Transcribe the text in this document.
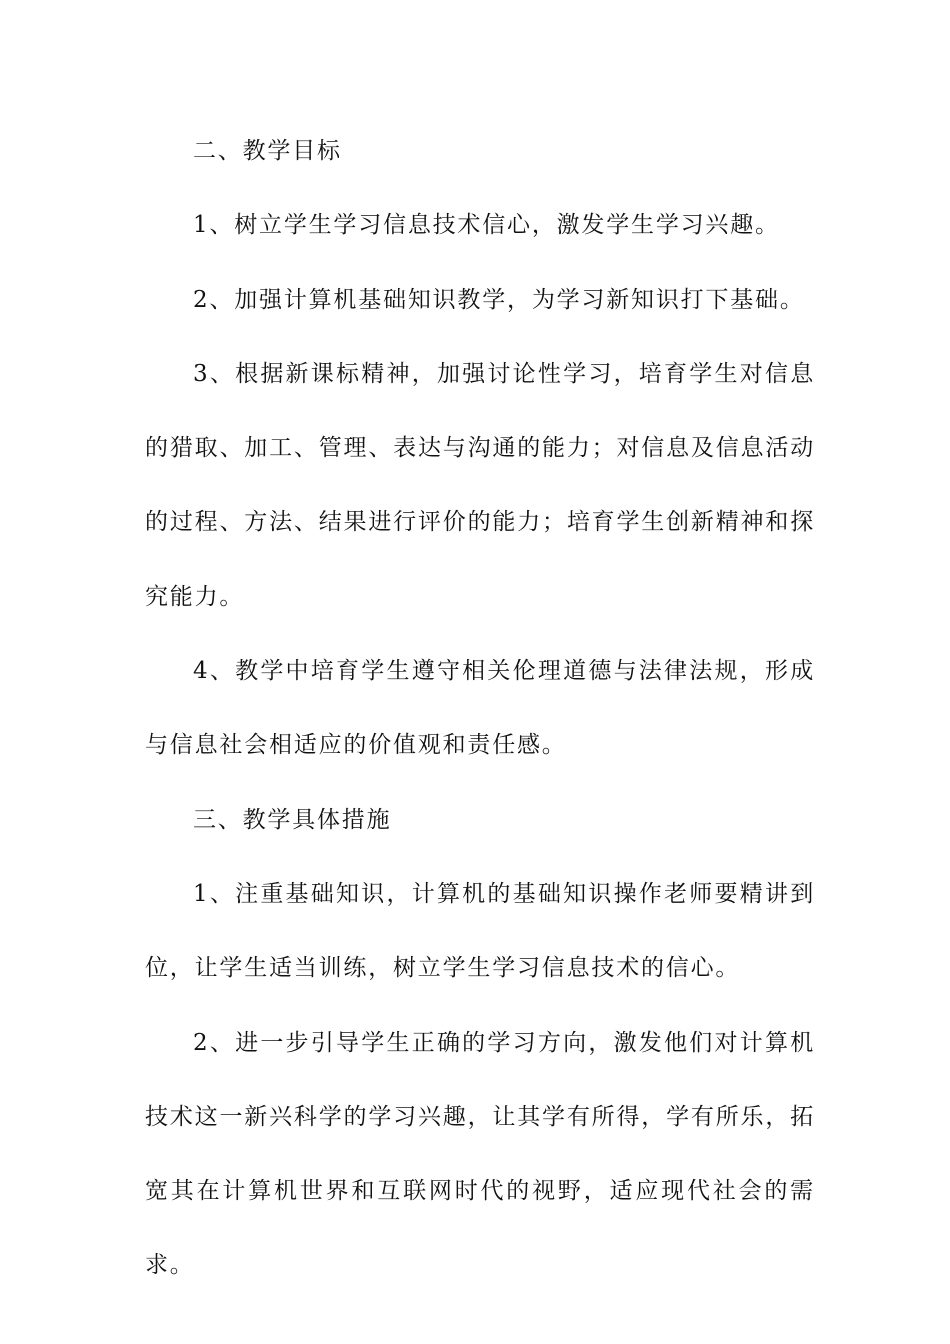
二、教学目标

1、树立学生学习信息技术信心，激发学生学习兴趣。

2、加强计算机基础知识教学，为学习新知识打下基础。

3、根据新课标精神，加强讨论性学习，培育学生对信息的猎取、加工、管理、表达与沟通的能力；对信息及信息活动的过程、方法、结果进行评价的能力；培育学生创新精神和探究能力。

4、教学中培育学生遵守相关伦理道德与法律法规，形成与信息社会相适应的价值观和责任感。

三、教学具体措施

1、注重基础知识，计算机的基础知识操作老师要精讲到位，让学生适当训练，树立学生学习信息技术的信心。

2、进一步引导学生正确的学习方向，激发他们对计算机技术这一新兴科学的学习兴趣，让其学有所得，学有所乐，拓宽其在计算机世界和互联网时代的视野，适应现代社会的需求。
